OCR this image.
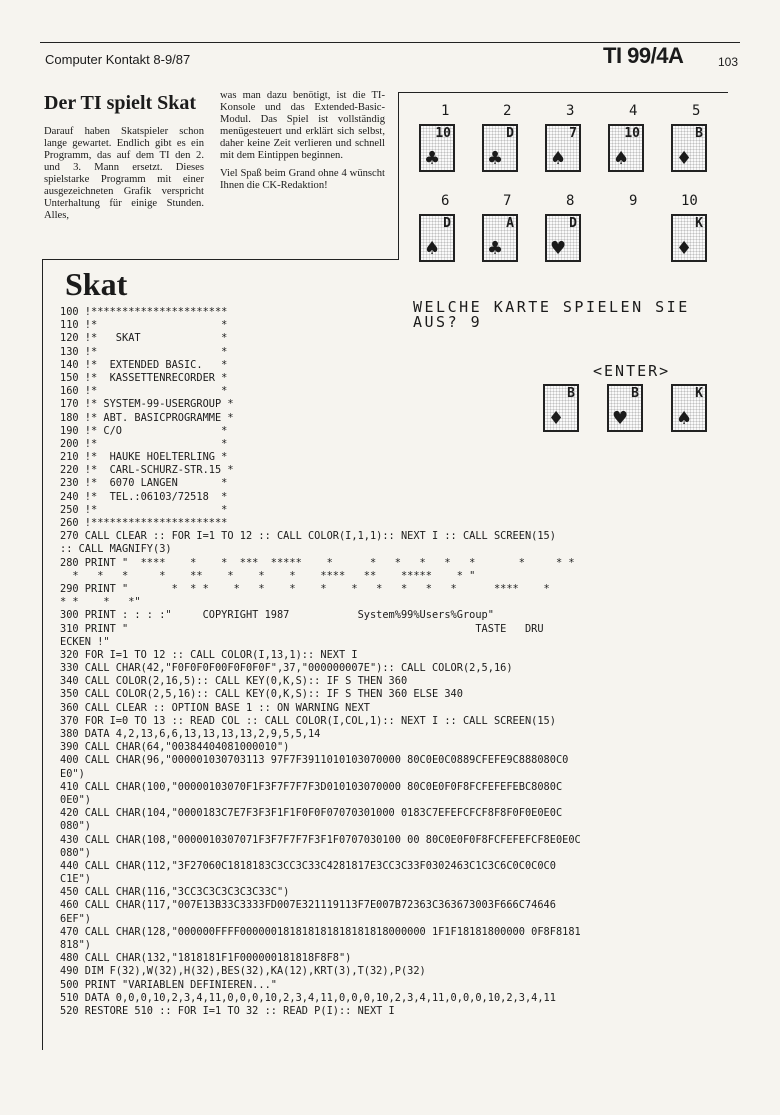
Computer Kontakt 8-9/87	TI 99/4A	103
Der TI spielt Skat

Darauf haben Skatspieler schon lange gewartet. Endlich gibt es ein Programm, das auf dem TI den 2. und 3. Mann ersetzt. Dieses spielstarke Programm mit einer ausgezeichneten Grafik verspricht Unterhaltung für einige Stunden. Alles,

was man dazu benötigt, ist die TI-Konsole und das Extended-Basic-Modul. Das Spiel ist vollständig menügesteuert und erklärt sich selbst, daher keine Zeit verlieren und schnell mit dem Eintippen beginnen.

Viel Spaß beim Grand ohne 4 wünscht Ihnen die CK-Redaktion!

1	2	3	4	5
10
♣
D
♣
7
♠
10
♠
B
♦
6	7	8	9	10
D
♠
A
♣
D
♥
K
♦
WELCHE KARTE SPIELEN SIE
AUS? 9
<ENTER>
B
♦
B
♥
K
♠
Skat
100 !**********************
110 !*                    *
120 !*   SKAT             *
130 !*                    *
140 !*  EXTENDED BASIC.   *
150 !*  KASSETTENRECORDER *
160 !*                    *
170 !* SYSTEM-99-USERGROUP *
180 !* ABT. BASICPROGRAMME *
190 !* C/O                *
200 !*                    *
210 !*  HAUKE HOELTERLING *
220 !*  CARL-SCHURZ-STR.15 *
230 !*  6070 LANGEN       *
240 !*  TEL.:06103/72518  *
250 !*                    *
260 !**********************
270 CALL CLEAR :: FOR I=1 TO 12 :: CALL COLOR(I,1,1):: NEXT I :: CALL SCREEN(15)
:: CALL MAGNIFY(3)
280 PRINT "  ****    *    *  ***  *****    *      *   *   *   *   *       *     * *
*   *   *     *    **    *    *    *    ****   **    *****    * "
290 PRINT "       *  * *    *   *    *    *    *   *   *   *   *      ****    *
* *    *   *"
300 PRINT : : : :"     COPYRIGHT 1987           System%99%Users%Group"
310 PRINT "                                                        TASTE   DRU
ECKEN !"
320 FOR I=1 TO 12 :: CALL COLOR(I,13,1):: NEXT I
330 CALL CHAR(42,"F0F0F0F00F0F0F0F",37,"000000007E"):: CALL COLOR(2,5,16)
340 CALL COLOR(2,16,5):: CALL KEY(0,K,S):: IF S THEN 360
350 CALL COLOR(2,5,16):: CALL KEY(0,K,S):: IF S THEN 360 ELSE 340
360 CALL CLEAR :: OPTION BASE 1 :: ON WARNING NEXT
370 FOR I=0 TO 13 :: READ COL :: CALL COLOR(I,COL,1):: NEXT I :: CALL SCREEN(15)
380 DATA 4,2,13,6,6,13,13,13,13,2,9,5,5,14
390 CALL CHAR(64,"00384404081000010")
400 CALL CHAR(96,"000001030703113 97F7F3911010103070000 80C0E0C0889CFEFE9C888080C0
E0")
410 CALL CHAR(100,"00000103070F1F3F7F7F7F3D010103070000 80C0E0F0F8FCFEFEFEBC8080C
0E0")
420 CALL CHAR(104,"0000183C7E7F3F3F1F1F0F0F07070301000 0183C7EFEFCFCF8F8F0F0E0E0C
080")
430 CALL CHAR(108,"0000010307071F3F7F7F7F3F1F0707030100 00 80C0E0F0F8FCFEFEFCF8E0E0C
080")
440 CALL CHAR(112,"3F27060C1818183C3CC3C33C4281817E3CC3C33F0302463C1C3C6C0C0C0C0
C1E")
450 CALL CHAR(116,"3CC3C3C3C3C3C33C")
460 CALL CHAR(117,"007E13B33C3333FD007E321119113F7E007B72363C363673003F666C74646
6EF")
470 CALL CHAR(128,"000000FFFF000000181818181818181818000000 1F1F18181800000 0F8F8181
818")
480 CALL CHAR(132,"1818181F1F000000181818F8F8")
490 DIM F(32),W(32),H(32),BES(32),KA(12),KRT(3),T(32),P(32)
500 PRINT "VARIABLEN DEFINIEREN..."
510 DATA 0,0,0,10,2,3,4,11,0,0,0,10,2,3,4,11,0,0,0,10,2,3,4,11,0,0,0,10,2,3,4,11
520 RESTORE 510 :: FOR I=1 TO 32 :: READ P(I):: NEXT I
